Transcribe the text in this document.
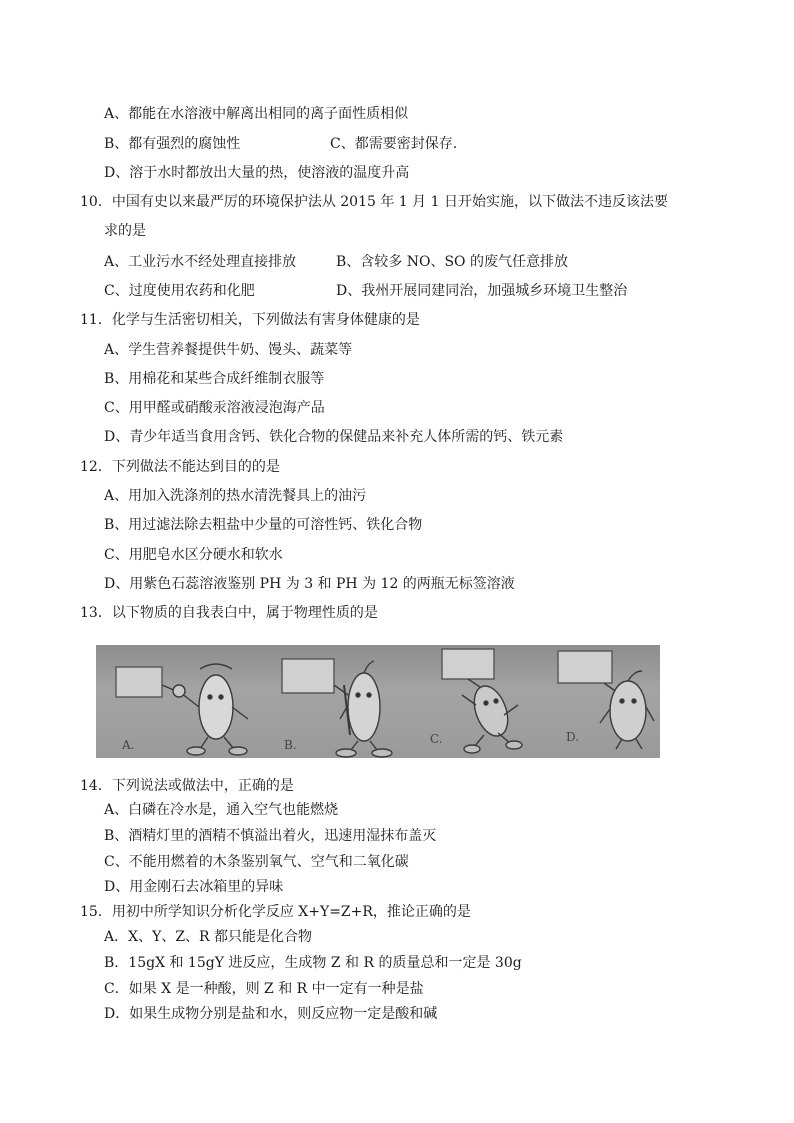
A、都能在水溶液中解离出相同的离子面性质相似
B、都有强烈的腐蚀性	C、都需要密封保存.
D、溶于水时都放出大量的热，使溶液的温度升高
10．中国有史以来最严厉的环境保护法从 2015 年 1 月 1 日开始实施，以下做法不违反该法要
求的是
A、工业污水不经处理直接排放	B、含较多 NO、SO 的废气任意排放
C、过度使用农药和化肥	D、我州开展同建同治，加强城乡环境卫生整治
11．化学与生活密切相关，下列做法有害身体健康的是
A、学生营养餐提供牛奶、馒头、蔬菜等
B、用棉花和某些合成纤维制衣服等
C、用甲醛或硝酸汞溶液浸泡海产品
D、青少年适当食用含钙、铁化合物的保健品来补充人体所需的钙、铁元素
12．下列做法不能达到目的的是
A、用加入洗涤剂的热水清洗餐具上的油污
B、用过滤法除去粗盐中少量的可溶性钙、铁化合物
C、用肥皂水区分硬水和软水
D、用紫色石蕊溶液鉴别 PH 为 3 和 PH 为 12 的两瓶无标签溶液
13．以下物质的自我表白中，属于物理性质的是
A.	B.	C.	D.
14．下列说法或做法中，正确的是
A、白磷在冷水是，通入空气也能燃烧
B、酒精灯里的酒精不慎溢出着火，迅速用湿抹布盖灭
C、不能用燃着的木条鉴别氧气、空气和二氧化碳
D、用金刚石去冰箱里的异味
15．用初中所学知识分析化学反应 X+Y=Z+R，推论正确的是
A．X、Y、Z、R 都只能是化合物
B．15gX 和 15gY 进反应，生成物 Z 和 R 的质量总和一定是 30g
C．如果 X 是一种酸，则 Z 和 R 中一定有一种是盐
D．如果生成物分别是盐和水，则反应物一定是酸和碱
